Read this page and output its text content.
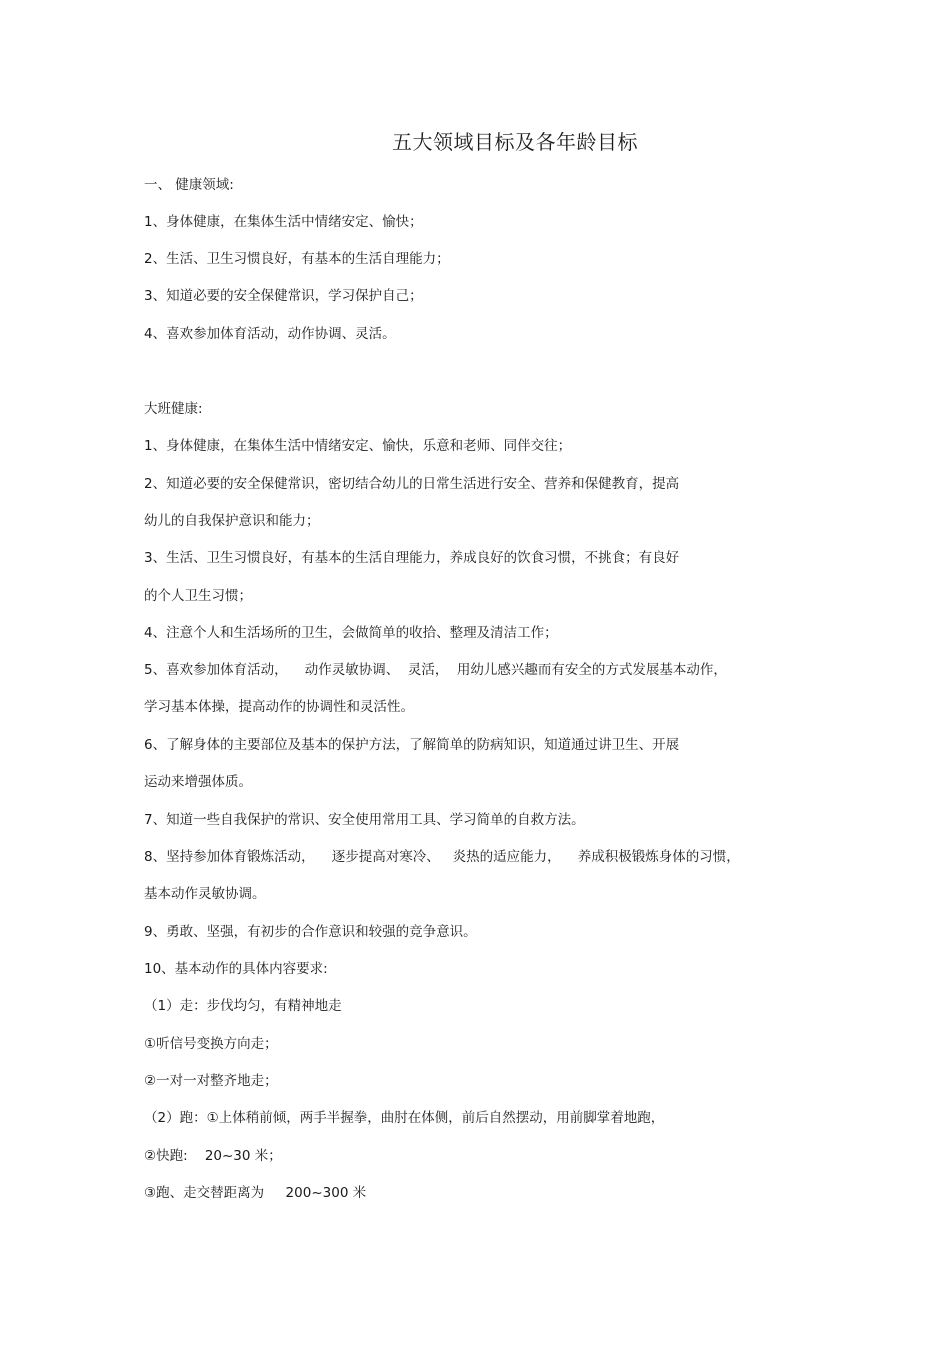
五大领域目标及各年龄目标
一、 健康领域:
1、身体健康，在集体生活中情绪安定、愉快；
2、生活、卫生习惯良好，有基本的生活自理能力；
3、知道必要的安全保健常识，学习保护自己；
4、喜欢参加体育活动，动作协调、灵活。
大班健康:
1、身体健康，在集体生活中情绪安定、愉快，乐意和老师、同伴交往；
2、知道必要的安全保健常识，密切结合幼儿的日常生活进行安全、营养和保健教育，提高
幼儿的自我保护意识和能力；
3、生活、卫生习惯良好，有基本的生活自理能力，养成良好的饮食习惯，不挑食；有良好
的个人卫生习惯；
4、注意个人和生活场所的卫生，会做简单的收拾、整理及清洁工作；
5、喜欢参加体育活动，    动作灵敏协调、  灵活，  用幼儿感兴趣而有安全的方式发展基本动作，
学习基本体操，提高动作的协调性和灵活性。
6、了解身体的主要部位及基本的保护方法，了解简单的防病知识，知道通过讲卫生、开展
运动来增强体质。
7、知道一些自我保护的常识、安全使用常用工具、学习简单的自救方法。
8、坚持参加体育锻炼活动，    逐步提高对寒冷、   炎热的适应能力，    养成积极锻炼身体的习惯，
基本动作灵敏协调。
9、勇敢、坚强，有初步的合作意识和较强的竞争意识。
10、基本动作的具体内容要求:
（1）走：步伐均匀，有精神地走
①听信号变换方向走；
②一对一对整齐地走；
（2）跑：①上体稍前倾，两手半握拳，曲肘在体侧，前后自然摆动，用前脚掌着地跑，
②快跑:    20~30 米；
③跑、走交替距离为     200~300 米
